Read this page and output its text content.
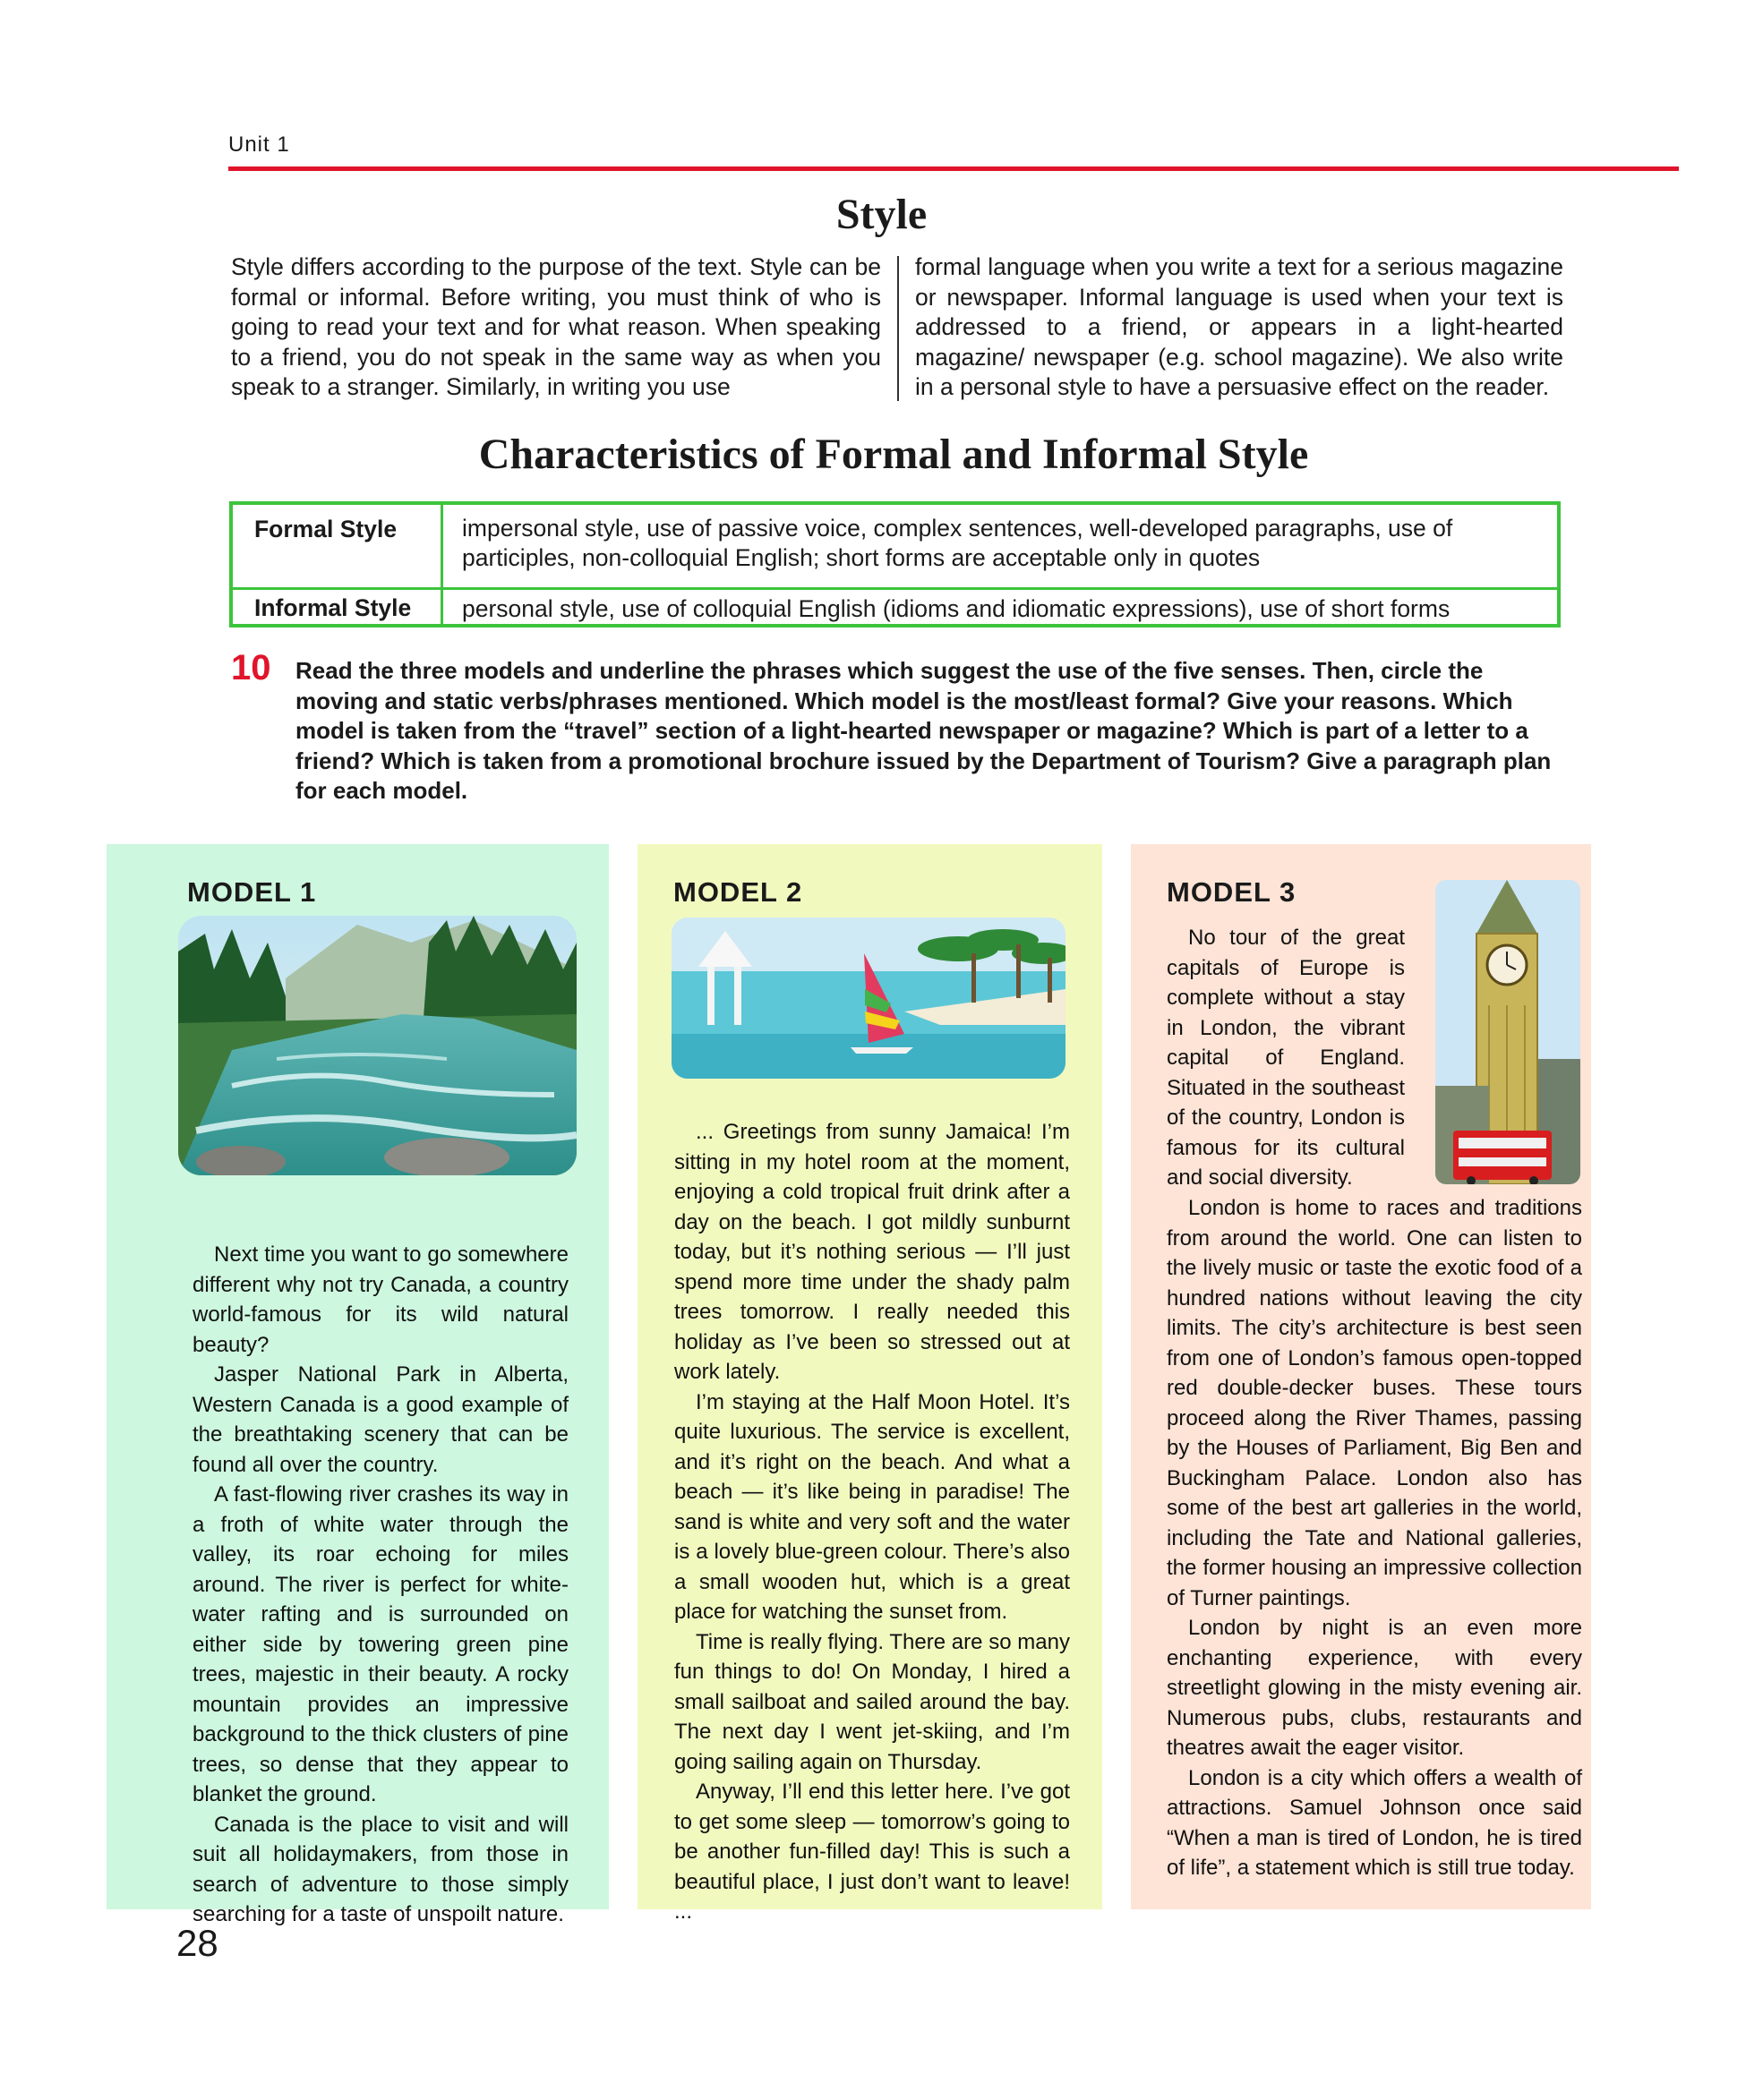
Unit 1
Style
Style differs according to the purpose of the text. Style can be formal or informal. Before writing, you must think of who is going to read your text and for what reason. When speaking to a friend, you do not speak in the same way as when you speak to a stranger. Similarly, in writing you use
formal language when you write a text for a serious magazine or newspaper. Informal language is used when your text is addressed to a friend, or appears in a light-hearted magazine/ newspaper (e.g. school magazine). We also write in a personal style to have a persuasive effect on the reader.
Characteristics of Formal and Informal Style
Formal Style	impersonal style, use of passive voice, complex sentences, well-developed paragraphs, use of participles, non-colloquial English; short forms are acceptable only in quotes
Informal Style personal style, use of colloquial English (idioms and idiomatic expressions), use of short forms
10 Read the three models and underline the phrases which suggest the use of the five senses. Then, circle the moving and static verbs/phrases mentioned. Which model is the most/least formal? Give your reasons. Which model is taken from the “travel” section of a light-hearted newspaper or magazine? Which is part of a letter to a friend? Which is taken from a promotional brochure issued by the Department of Tourism? Give a paragraph plan for each model.
MODEL 1

Next time you want to go somewhere different why not try Canada, a country world-famous for its wild natural beauty?

Jasper National Park in Alberta, Western Canada is a good example of the breathtaking scenery that can be found all over the country.

A fast-flowing river crashes its way in a froth of white water through the valley, its roar echoing for miles around. The river is perfect for white-water rafting and is surrounded on either side by towering green pine trees, majestic in their beauty. A rocky mountain provides an impressive background to the thick clusters of pine trees, so dense that they appear to blanket the ground.

Canada is the place to visit and will suit all holidaymakers, from those in search of adventure to those simply searching for a taste of unspoilt nature.

MODEL 2

... Greetings from sunny Jamaica! I’m sitting in my hotel room at the moment, enjoying a cold tropical fruit drink after a day on the beach. I got mildly sunburnt today, but it’s nothing serious — I’ll just spend more time under the shady palm trees tomorrow. I really needed this holiday as I’ve been so stressed out at work lately.

I’m staying at the Half Moon Hotel. It’s quite luxurious. The service is excellent, and it’s right on the beach. And what a beach — it’s like being in paradise! The sand is white and very soft and the water is a lovely blue-green colour. There’s also a small wooden hut, which is a great place for watching the sunset from.

Time is really flying. There are so many fun things to do! On Monday, I hired a small sailboat and sailed around the bay. The next day I went jet-skiing, and I’m going sailing again on Thursday.

Anyway, I’ll end this letter here. I’ve got to get some sleep — tomorrow’s going to be another fun-filled day! This is such a beautiful place, I just don’t want to leave! ...

MODEL 3

No tour of the great capitals of Europe is complete without a stay in London, the vibrant capital of England. Situated in the southeast of the country, London is famous for its cultural and social diversity.

London is home to races and traditions from around the world. One can listen to the lively music or taste the exotic food of a hundred nations without leaving the city limits. The city’s architecture is best seen from one of London’s famous open-topped red double-decker buses. These tours proceed along the River Thames, passing by the Houses of Parliament, Big Ben and Buckingham Palace. London also has some of the best art galleries in the world, including the Tate and National galleries, the former housing an impressive collection of Turner paintings.

London by night is an even more enchanting experience, with every streetlight glowing in the misty evening air. Numerous pubs, clubs, restaurants and theatres await the eager visitor.

London is a city which offers a wealth of attractions. Samuel Johnson once said “When a man is tired of London, he is tired of life”, a statement which is still true today.

28
